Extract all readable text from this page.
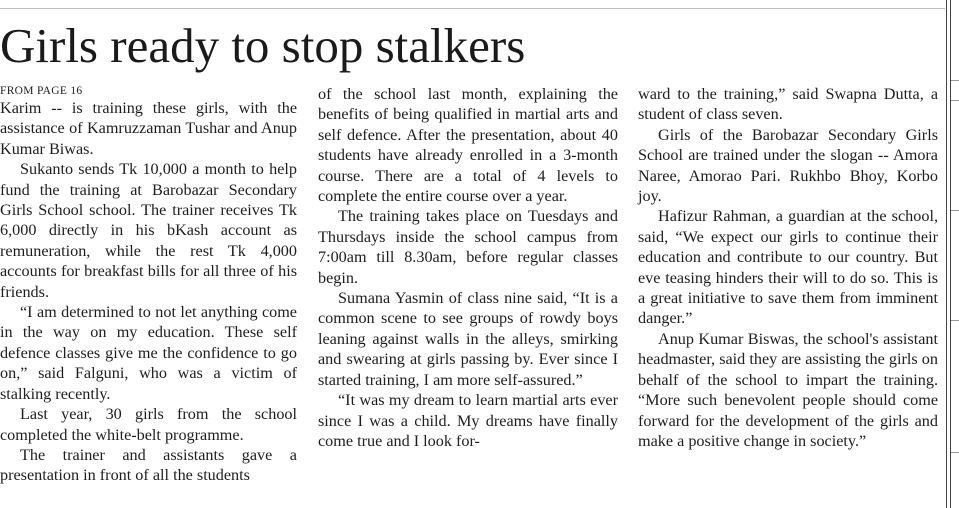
Girls ready to stop stalkers
FROM PAGE 16

Karim -- is training these girls, with the assistance of Kamruzzaman Tushar and Anup Kumar Biwas.

Sukanto sends Tk 10,000 a month to help fund the training at Barobazar Secondary Girls School school. The trainer receives Tk 6,000 directly in his bKash account as remuneration, while the rest Tk 4,000 accounts for breakfast bills for all three of his friends.

“I am determined to not let anything come in the way on my education. These self defence classes give me the confidence to go on,” said Falguni, who was a victim of stalking recently.

Last year, 30 girls from the school completed the white-belt programme.

The trainer and assistants gave a presentation in front of all the students

of the school last month, explaining the benefits of being qualified in martial arts and self defence. After the presentation, about 40 students have already enrolled in a 3-month course. There are a total of 4 levels to complete the entire course over a year.

The training takes place on Tuesdays and Thursdays inside the school campus from 7:00am till 8.30am, before regular classes begin.

Sumana Yasmin of class nine said, “It is a common scene to see groups of rowdy boys leaning against walls in the alleys, smirking and swearing at girls passing by. Ever since I started training, I am more self-assured.”

“It was my dream to learn martial arts ever since I was a child. My dreams have finally come true and I look for-

ward to the training,” said Swapna Dutta, a student of class seven.

Girls of the Barobazar Secondary Girls School are trained under the slogan -- Amora Naree, Amorao Pari. Rukhbo Bhoy, Korbo joy.

Hafizur Rahman, a guardian at the school, said, “We expect our girls to continue their education and contribute to our country. But eve teasing hinders their will to do so. This is a great initiative to save them from imminent danger.”

Anup Kumar Biswas, the school's assistant headmaster, said they are assisting the girls on behalf of the school to impart the training. “More such benevolent people should come forward for the development of the girls and make a positive change in society.”
